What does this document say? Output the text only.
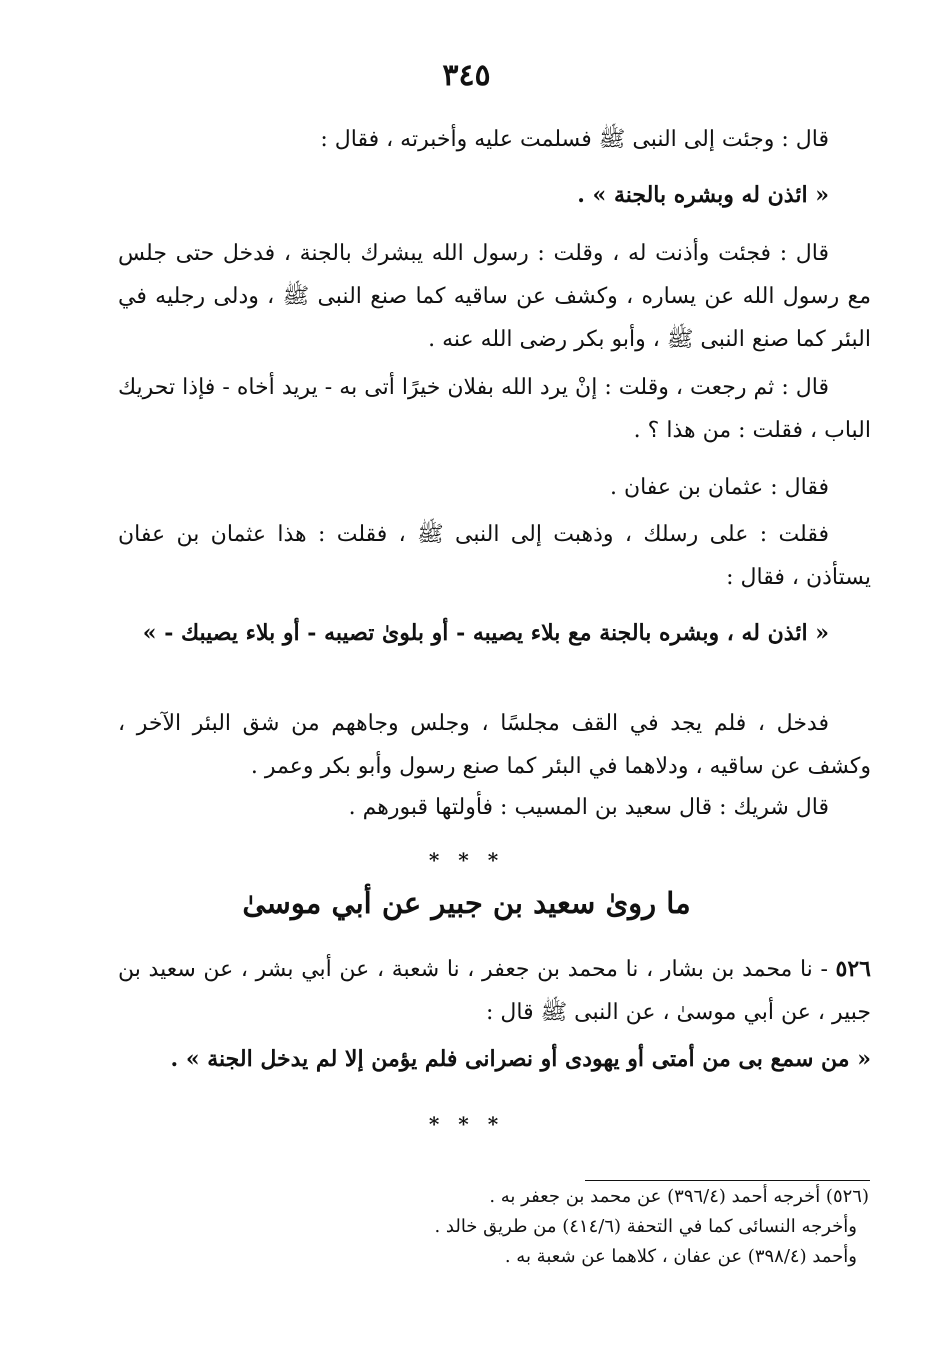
٣٤٥
قال : وجئت إلى النبى ﷺ فسلمت عليه وأخبرته ، فقال :
« ائذن له وبشره بالجنة » .
قال : فجئت وأذنت له ، وقلت : رسول الله يبشرك بالجنة ، فدخل حتى جلس مع رسول الله عن يساره ، وكشف عن ساقيه كما صنع النبى ﷺ ، ودلى رجليه في البئر كما صنع النبى ﷺ ، وأبو بكر رضى الله عنه .
قال : ثم رجعت ، وقلت : إنْ يرد الله بفلان خيرًا أتى به - يريد أخاه - فإذا تحريك الباب ، فقلت : من هذا ؟ .
فقال : عثمان بن عفان .
فقلت : على رسلك ، وذهبت إلى النبى ﷺ ، فقلت : هذا عثمان بن عفان يستأذن ، فقال :
« ائذن له ، وبشره بالجنة مع بلاء يصيبه - أو بلوىٰ تصيبه - أو بلاء يصيبك - »
فدخل ، فلم يجد في القف مجلسًا ، وجلس وجاههم من شق البئر الآخر ، وكشف عن ساقيه ، ودلاهما في البئر كما صنع رسول وأبو بكر وعمر .
قال شريك : قال سعيد بن المسيب : فأولتها قبورهم .
* * *
ما روىٰ سعيد بن جبير عن أبي موسىٰ
٥٢٦ - نا محمد بن بشار ، نا محمد بن جعفر ، نا شعبة ، عن أبي بشر ، عن سعيد بن جبير ، عن أبي موسىٰ ، عن النبى ﷺ قال :
« من سمع بى من أمتى أو يهودى أو نصرانى فلم يؤمن إلا لم يدخل الجنة » .
* * *
(٥٢٦) أخرجه أحمد (٣٩٦/٤) عن محمد بن جعفر به .
وأخرجه النسائى كما في التحفة (٤١٤/٦) من طريق خالد .
وأحمد (٣٩٨/٤) عن عفان ، كلاهما عن شعبة به .
